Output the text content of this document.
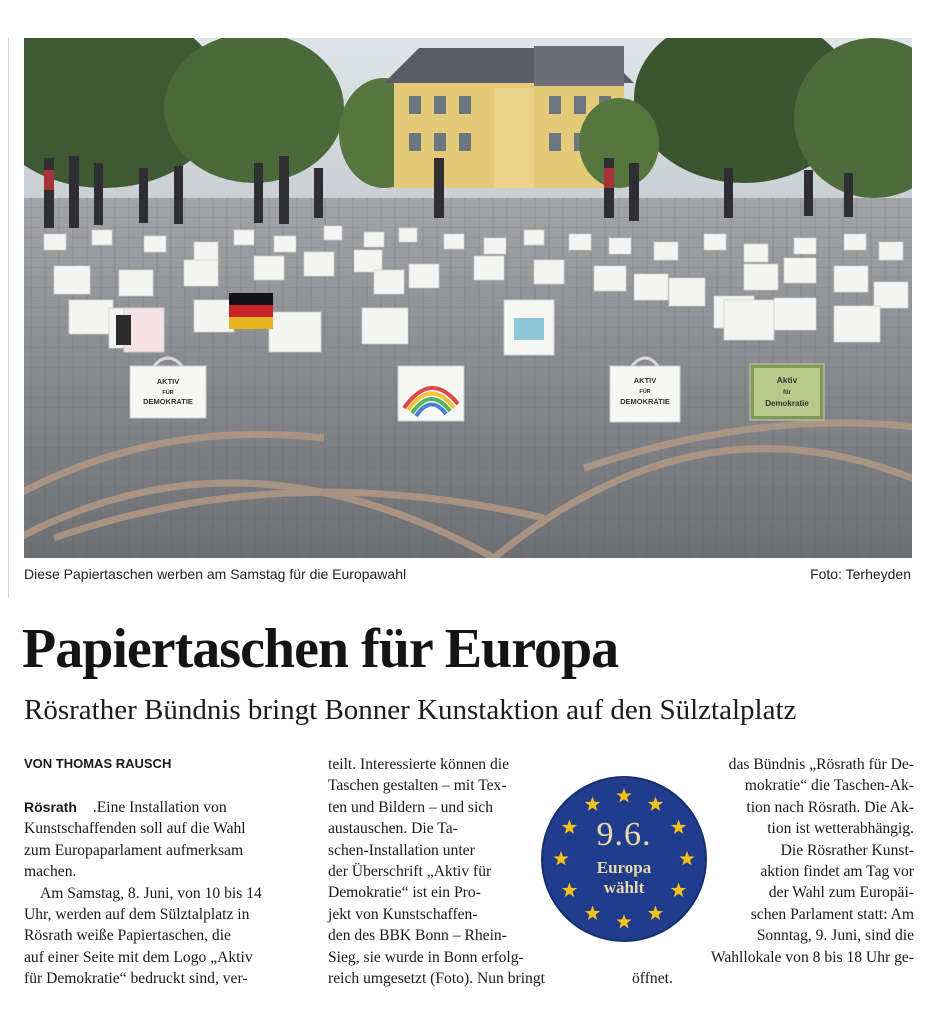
AKTIV
FÜR
DEMOKRATIE
AKTIV
FÜR
DEMOKRATIE
Aktiv
für
Demokratie
Diese Papiertaschen werben am Samstag für die Europawahl	Foto: Terheyden
Papiertaschen für Europa
Rösrather Bündnis bringt Bonner Kunstaktion auf den Sülztalplatz
VON THOMAS RAUSCH
Rösrath .Eine Installation von
Kunstschaffenden soll auf die Wahl
zum Europaparlament aufmerksam
machen.
Am Samstag, 8. Juni, von 10 bis 14
Uhr, werden auf dem Sülztalplatz in
Rösrath weiße Papiertaschen, die
auf einer Seite mit dem Logo „Aktiv
für Demokratie“ bedruckt sind, ver-
teilt. Interessierte können die
Taschen gestalten – mit Tex-
ten und Bildern – und sich
austauschen. Die Ta-
schen-Installation unter
der Überschrift „Aktiv für
Demokratie“ ist ein Pro-
jekt von Kunstschaffen-
den des BBK Bonn – Rhein-
Sieg, sie wurde in Bonn erfolg-
reich umgesetzt (Foto). Nun bringt
das Bündnis „Rösrath für De-
mokratie“ die Taschen-Ak-
tion nach Rösrath. Die Ak-
tion ist wetterabhängig.
Die Rösrather Kunst-
aktion findet am Tag vor
der Wahl zum Europäi-
schen Parlament statt: Am
Sonntag, 9. Juni, sind die
Wahllokale von 8 bis 18 Uhr ge-
öffnet.
9.6.
Europa
wählt
